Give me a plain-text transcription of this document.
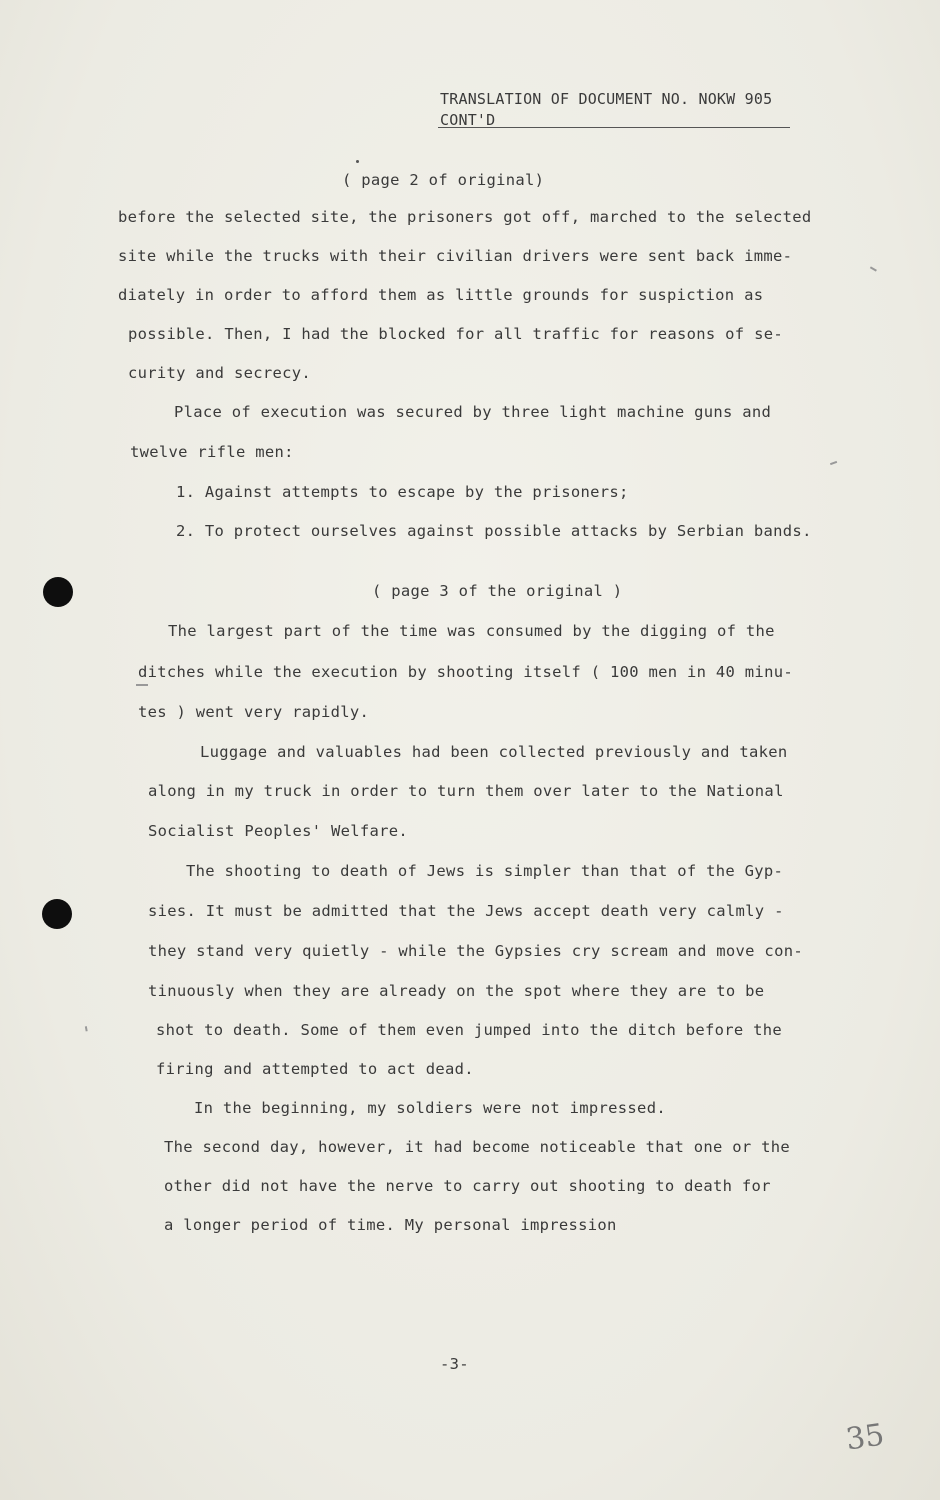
TRANSLATION OF DOCUMENT NO. NOKW 905
CONT'D
( page 2 of original)
before the selected site, the prisoners got off, marched to the selected
site while the trucks with their civilian drivers were sent back imme-
diately in order to afford them as little grounds for suspiction as
possible. Then, I had the blocked for all traffic for reasons of se-
curity and secrecy.
Place of execution was secured by three light machine guns and
twelve rifle men:
1. Against attempts to escape by the prisoners;
2. To protect ourselves against possible attacks by Serbian bands.
( page 3 of the original )
The largest part of the time was consumed by the digging of the
ditches while the execution by shooting itself ( 100 men in 40 minu-
tes ) went very rapidly.
Luggage and valuables had been collected previously and taken
along in my truck in order to turn them over later to the National
Socialist Peoples' Welfare.
The shooting to death of Jews is simpler than that of the Gyp-
sies. It must be admitted that the Jews accept death very calmly -
they stand very quietly - while the Gypsies cry scream and move con-
tinuously when they are already on the spot where they are to be
shot to death. Some of them even jumped into the ditch before the
firing and attempted to act dead.
In the beginning, my soldiers were not impressed.
The second day, however, it had become noticeable that one or the
other did not have the nerve to carry out shooting to death for
a longer period of time. My personal impression
-3-
35
